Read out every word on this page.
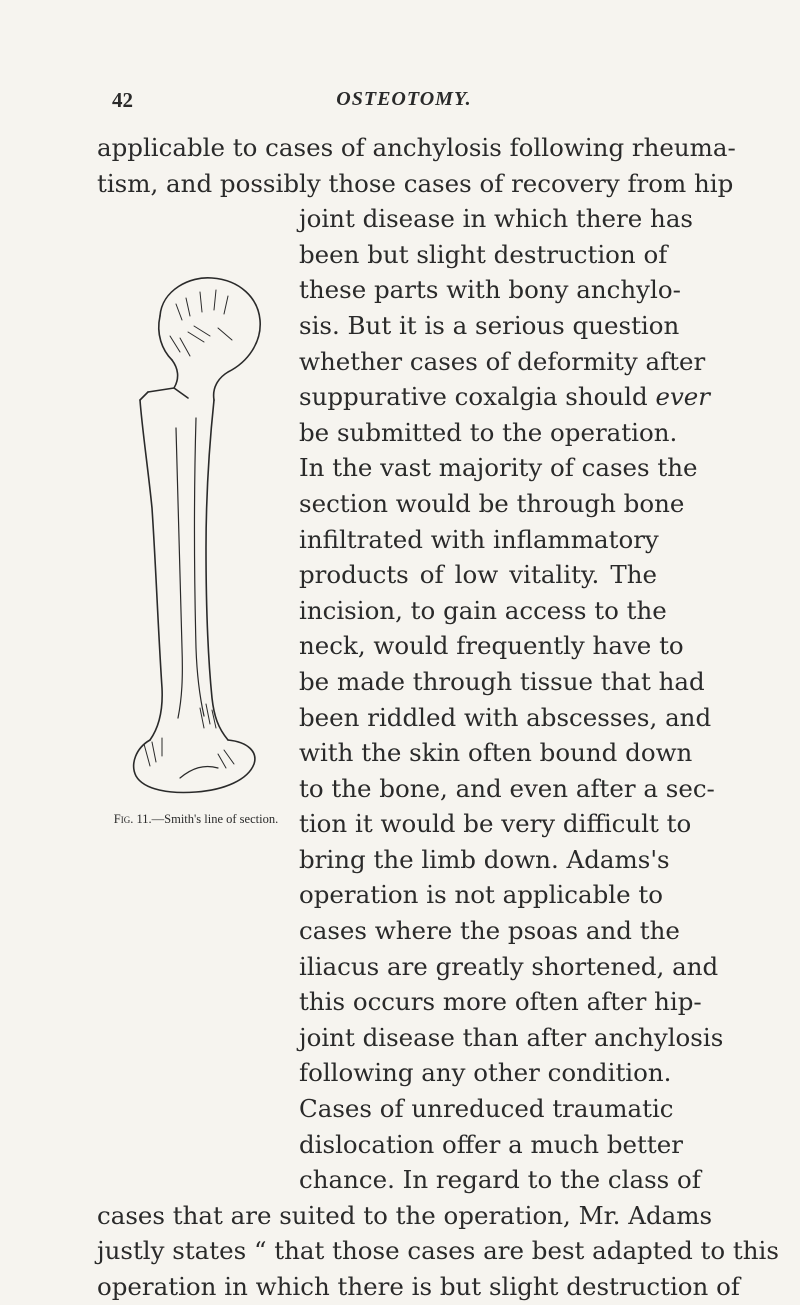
42	OSTEOTOMY.
Fig. 11.—Smith's line of section.
applicable to cases of anchylosis following rheuma-
tism, and possibly those cases of recovery from hip
joint disease in which there has
been but slight destruction of
these parts with bony anchylo-
sis. But it is a serious question
whether cases of deformity after
suppurative coxalgia should ever
be submitted to the operation.
In the vast majority of cases the
section would be through bone
infiltrated with inflammatory
products of low vitality. The
incision, to gain access to the
neck, would frequently have to
be made through tissue that had
been riddled with abscesses, and
with the skin often bound down
to the bone, and even after a sec-
tion it would be very difficult to
bring the limb down. Adams's
operation is not applicable to
cases where the psoas and the
iliacus are greatly shortened, and
this occurs more often after hip-
joint disease than after anchylosis
following any other condition.
Cases of unreduced traumatic
dislocation offer a much better
chance. In regard to the class of
cases that are suited to the operation, Mr. Adams
justly states “ that those cases are best adapted to this
operation in which there is but slight destruction of
